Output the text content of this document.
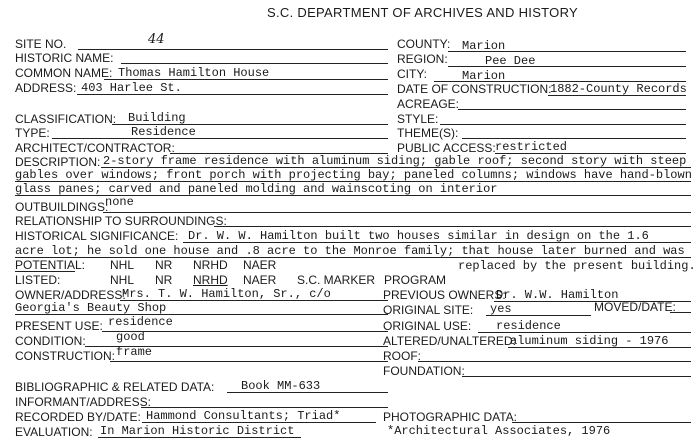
S.C. DEPARTMENT OF ARCHIVES AND HISTORY
SITE NO.	44
HISTORIC NAME:
COMMON NAME: Thomas Hamilton House
ADDRESS: 403 Harlee St.
CLASSIFICATION: Building
TYPE:	Residence
ARCHITECT/CONTRACTOR:
COUNTY: Marion
REGION:	Pee Dee
CITY:	Marion
DATE OF CONSTRUCTION:
1882-County Records
ACREAGE:
STYLE:
THEME(S):
PUBLIC ACCESS: restricted
DESCRIPTION: 2-story frame residence with aluminum siding; gable roof; second story with steep
gables over windows; front porch with projecting bay; paneled columns; windows have hand-blown
glass panes; carved and paneled molding and wainscoting on interior
OUTBUILDINGS:
none
RELATIONSHIP TO SURROUNDINGS:
HISTORICAL SIGNIFICANCE: Dr. W. W. Hamilton built two houses similar in design on the 1.6
acre lot; he sold one house and .8 acre to the Monroe family; that house later burned and was
replaced by the present building.
POTENTIAL: NHL NR NRHD NAER
LISTED:	NHL NR NRHD NAER S.C. MARKER PROGRAM
OWNER/ADDRESS:
Mrs. T. W. Hamilton, Sr., c/o
Georgia's Beauty Shop
PREVIOUS OWNERS:
Dr. W.W. Hamilton
ORIGINAL SITE: yes	MOVED/DATE:
PRESENT USE: residence	ORIGINAL USE: residence
CONDITION:	good	ALTERED/UNALTERED:
aluminum siding - 1976
CONSTRUCTION: frame	ROOF:
FOUNDATION:
BIBLIOGRAPHIC & RELATED DATA: Book MM-633
INFORMANT/ADDRESS:
RECORDED BY/DATE: Hammond Consultants; Triad*	PHOTOGRAPHIC DATA:
EVALUATION: In Marion Historic District	*Architectural Associates, 1976
